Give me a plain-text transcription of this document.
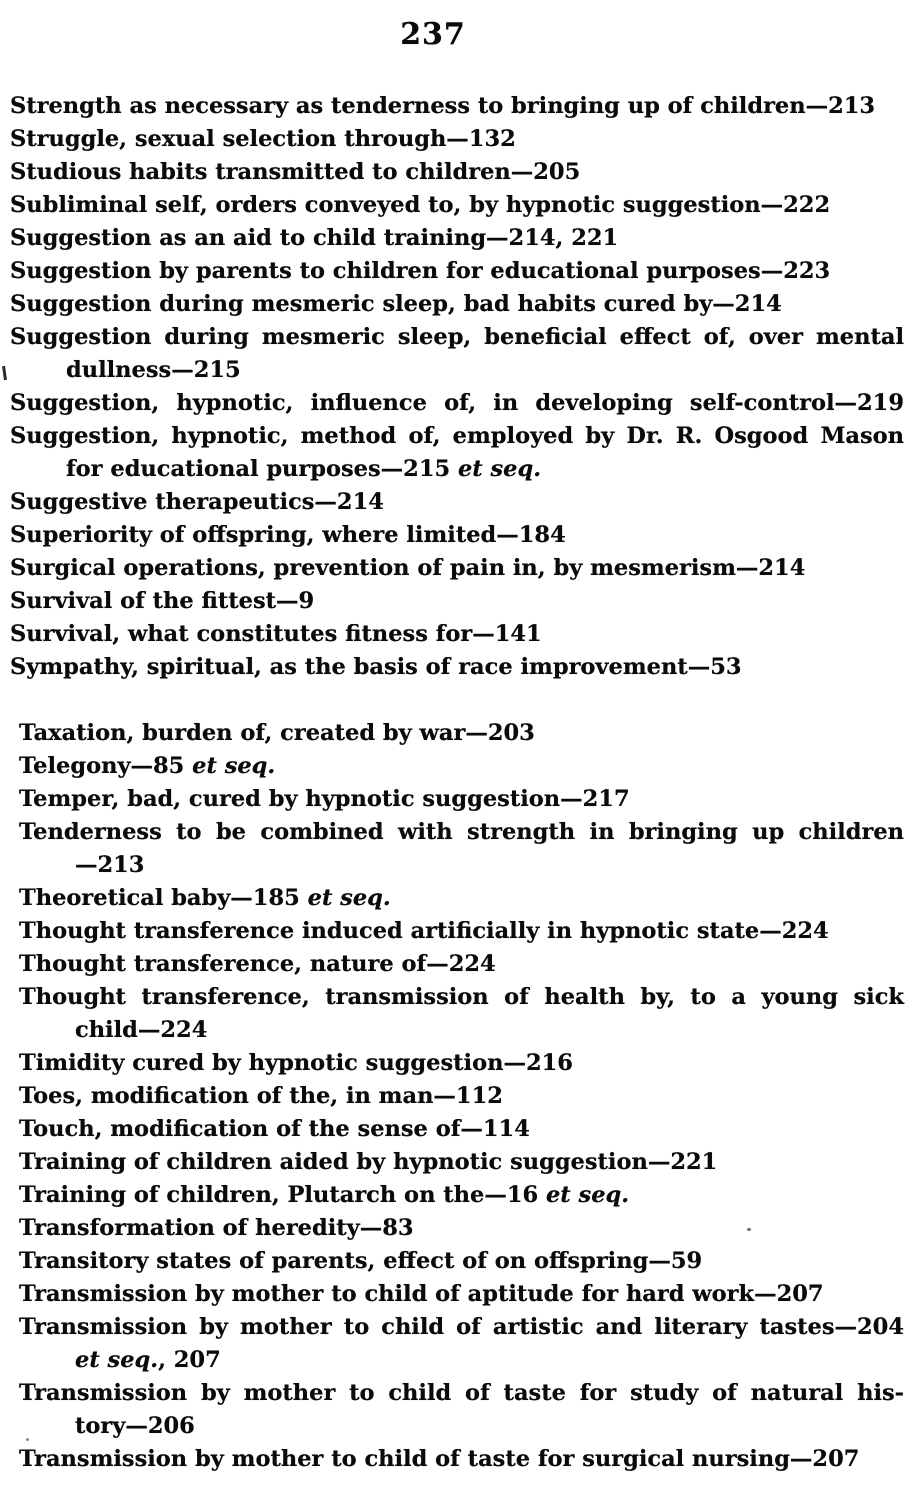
237
Strength as necessary as tenderness to bringing up of children—213
Struggle, sexual selection through—132
Studious habits transmitted to children—205
Subliminal self, orders conveyed to, by hypnotic suggestion—222
Suggestion as an aid to child training—214, 221
Suggestion by parents to children for educational purposes—223
Suggestion during mesmeric sleep, bad habits cured by—214
Suggestion during mesmeric sleep, beneficial effect of, over mental
dullness—215
Suggestion, hypnotic, influence of, in developing self-control—219
Suggestion, hypnotic, method of, employed by Dr. R. Osgood Mason
for educational purposes—215 et seq.
Suggestive therapeutics—214
Superiority of offspring, where limited—184
Surgical operations, prevention of pain in, by mesmerism—214
Survival of the fittest—9
Survival, what constitutes fitness for—141
Sympathy, spiritual, as the basis of race improvement—53
Taxation, burden of, created by war—203
Telegony—85 et seq.
Temper, bad, cured by hypnotic suggestion—217
Tenderness to be combined with strength in bringing up children
—213
Theoretical baby—185 et seq.
Thought transference induced artificially in hypnotic state—224
Thought transference, nature of—224
Thought transference, transmission of health by, to a young sick
child—224
Timidity cured by hypnotic suggestion—216
Toes, modification of the, in man—112
Touch, modification of the sense of—114
Training of children aided by hypnotic suggestion—221
Training of children, Plutarch on the—16 et seq.
Transformation of heredity—83
Transitory states of parents, effect of on offspring—59
Transmission by mother to child of aptitude for hard work—207
Transmission by mother to child of artistic and literary tastes—204
et seq., 207
Transmission by mother to child of taste for study of natural his-
tory—206
Transmission by mother to child of taste for surgical nursing—207
